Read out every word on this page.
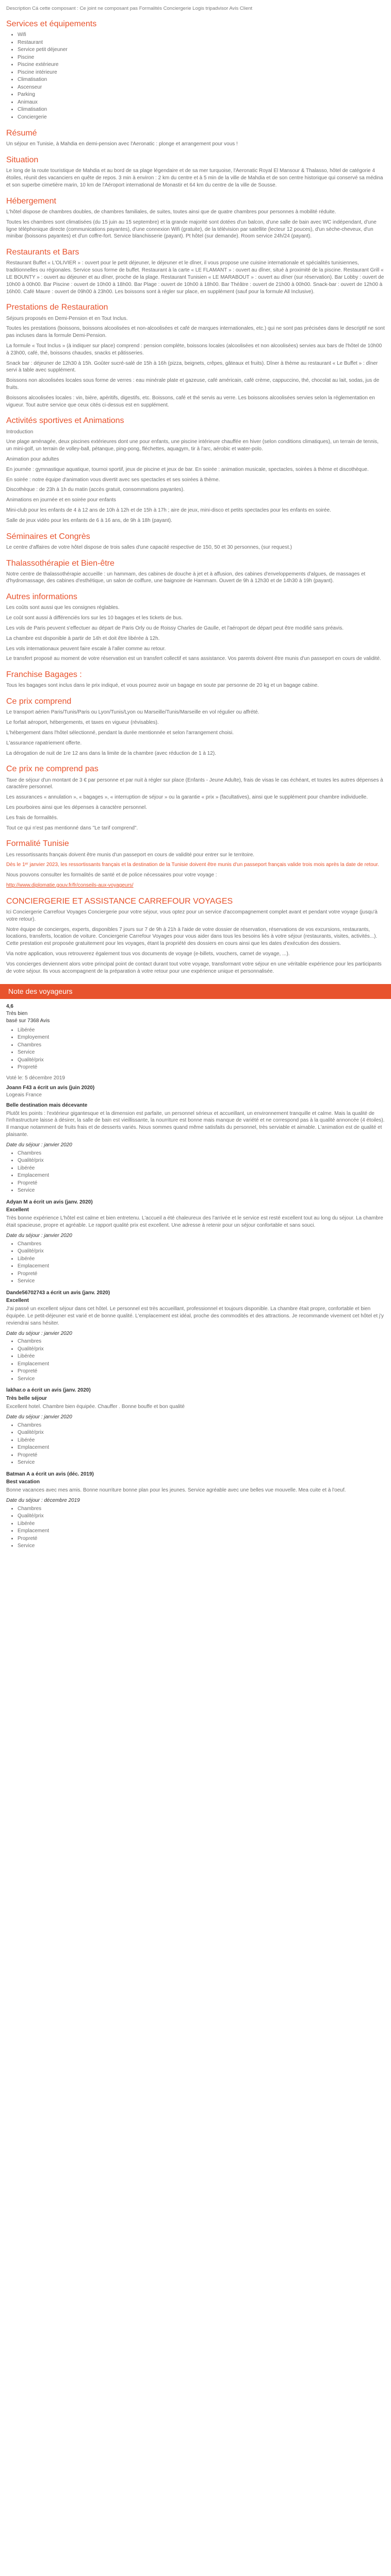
Description Cá cette composant : Ce joint ne composant pas Formalités Conciergerie Logis tripadvisor Avis Client

Services et équipements
• Wifi
• Restaurant
• Service petit déjeuner
• Piscine
• Piscine extérieure
• Piscine intérieure
• Climatisation
• Ascenseur
• Parking
• Animaux
• Climatisation
• Conciergerie
Résumé

Un séjour en Tunisie, à Mahdia en demi-pension avec l'Aeronatic : plonge et arrangement pour vous !

Situation

Le long de la route touristique de Mahdia et au bord de sa plage légendaire et de sa mer turquoise, l'Aeronatic Royal El Mansour & Thalasso, hôtel de catégorie 4 étoiles, réunit des vacanciers en quête de repos. 3 min à environ : 2 km du centre et à 5 min de la ville de Mahdia et de son centre historique qui conservé sa médina et son superbe cimetière marin, 10 km de l'Aéroport international de Monastir et 64 km du centre de la ville de Sousse.

Hébergement

L'hôtel dispose de chambres doubles, de chambres familiales, de suites, toutes ainsi que de quatre chambres pour personnes à mobilité réduite.

Toutes les chambres sont climatisées (du 15 juin au 15 septembre) et la grande majorité sont dotées d'un balcon, d'une salle de bain avec WC indépendant, d'une ligne téléphonique directe (communications payantes), d'une connexion Wifi (gratuite), de la télévision par satellite (lecteur 12 pouces), d'un sèche-cheveux, d'un minibar (boissons payantes) et d'un coffre-fort. Service blanchisserie (payant). Pt hôtel (sur demande). Room service 24h/24 (payant).

Restaurants et Bars

Restaurant Buffet « L'OLIVIER » : ouvert pour le petit déjeuner, le déjeuner et le dîner, il vous propose une cuisine internationale et spécialités tunisiennes, traditionnelles ou régionales. Service sous forme de buffet. Restaurant à la carte « LE FLAMANT » : ouvert au dîner, situé à proximité de la piscine. Restaurant Grill « LE BOUNTY » : ouvert au déjeuner et au dîner, proche de la plage. Restaurant Tunisien « LE MARABOUT » : ouvert au dîner (sur réservation). Bar Lobby : ouvert de 10h00 à 00h00. Bar Piscine : ouvert de 10h00 à 18h00. Bar Plage : ouvert de 10h00 à 18h00. Bar Théâtre : ouvert de 21h00 à 00h00. Snack-bar : ouvert de 12h00 à 16h00. Café Maure : ouvert de 09h00 à 23h00. Les boissons sont à régler sur place, en supplément (sauf pour la formule All Inclusive).

Prestations de Restauration

Séjours proposés en Demi-Pension et en Tout Inclus.

Toutes les prestations (boissons, boissons alcoolisées et non-alcoolisées et café de marques internationales, etc.) qui ne sont pas précisées dans le descriptif ne sont pas incluses dans la formule Demi-Pension.

La formule « Tout Inclus » (à indiquer sur place) comprend : pension complète, boissons locales (alcoolisées et non alcoolisées) servies aux bars de l'hôtel de 10h00 à 23h00, café, thé, boissons chaudes, snacks et pâtisseries.

Snack bar : déjeuner de 12h30 à 15h. Goûter sucré-salé de 15h à 16h (pizza, beignets, crêpes, gâteaux et fruits). Dîner à thème au restaurant « Le Buffet » : dîner servi à table avec supplément.

Boissons non alcoolisées locales sous forme de verres : eau minérale plate et gazeuse, café américain, café crème, cappuccino, thé, chocolat au lait, sodas, jus de fruits.

Boissons alcoolisées locales : vin, bière, apéritifs, digestifs, etc. Boissons, café et thé servis au verre. Les boissons alcoolisées servies selon la réglementation en vigueur. Tout autre service que ceux cités ci-dessus est en supplément.

Activités sportives et Animations

Introduction

Une plage aménagée, deux piscines extérieures dont une pour enfants, une piscine intérieure chauffée en hiver (selon conditions climatiques), un terrain de tennis, un mini-golf, un terrain de volley-ball, pétanque, ping-pong, fléchettes, aquagym, tir à l'arc, aérobic et water-polo.

Animation pour adultes

En journée : gymnastique aquatique, tournoi sportif, jeux de piscine et jeux de bar. En soirée : animation musicale, spectacles, soirées à thème et discothèque.

En soirée : notre équipe d'animation vous divertit avec ses spectacles et ses soirées à thème.

Discothèque : de 23h à 1h du matin (accès gratuit, consommations payantes).

Animations en journée et en soirée pour enfants

Mini-club pour les enfants de 4 à 12 ans de 10h à 12h et de 15h à 17h ; aire de jeux, mini-disco et petits spectacles pour les enfants en soirée.

Salle de jeux vidéo pour les enfants de 6 à 16 ans, de 9h à 18h (payant).

Séminaires et Congrès

Le centre d'affaires de votre hôtel dispose de trois salles d'une capacité respective de 150, 50 et 30 personnes, (sur request.)

Thalassothérapie et Bien-être

Notre centre de thalassothérapie accueille : un hammam, des cabines de douche à jet et à affusion, des cabines d'enveloppements d'algues, de massages et d'hydromassage, des cabines d'esthétique, un salon de coiffure, une baignoire de Hammam. Ouvert de 9h à 12h30 et de 14h30 à 19h (payant).

Autres informations

Les coûts sont aussi que les consignes réglables.

Le coût sont aussi à différenciés lors sur les 10 bagages et les tickets de bus.

Les vols de Paris peuvent s'effectuer au départ de Paris Orly ou de Roissy Charles de Gaulle, et l'aéroport de départ peut être modifié sans préavis.

La chambre est disponible à partir de 14h et doit être libérée à 12h.

Les vols internationaux peuvent faire escale à l'aller comme au retour.

Le transfert proposé au moment de votre réservation est un transfert collectif et sans assistance. Vos parents doivent être munis d'un passeport en cours de validité.

Franchise Bagages :

Tous les bagages sont inclus dans le prix indiqué, et vous pourrez avoir un bagage en soute par personne de 20 kg et un bagage cabine.

Ce prix comprend

Le transport aérien Paris/Tunis/Paris ou Lyon/Tunis/Lyon ou Marseille/Tunis/Marseille en vol régulier ou affrété.

Le forfait aéroport, hébergements, et taxes en vigueur (révisables).

L'hébergement dans l'hôtel sélectionné, pendant la durée mentionnée et selon l'arrangement choisi.

L'assurance rapatriement offerte.

La dérogation de nuit de 1re 12 ans dans la limite de la chambre (avec réduction de 1 à 12).

Ce prix ne comprend pas

Taxe de séjour d'un montant de 3 € par personne et par nuit à régler sur place (Enfants - Jeune Adulte), frais de visas le cas échéant, et toutes les autres dépenses à caractère personnel.

Les assurances « annulation », « bagages », « interruption de séjour » ou la garantie « prix » (facultatives), ainsi que le supplément pour chambre individuelle.

Les pourboires ainsi que les dépenses à caractère personnel.

Les frais de formalités.

Tout ce qui n'est pas mentionné dans "Le tarif comprend".

Formalité Tunisie

Les ressortissants français doivent être munis d'un passeport en cours de validité pour entrer sur le territoire.

Dès le 1ᵉʳ janvier 2023, les ressortissants français et la destination de la Tunisie doivent être munis d'un passeport français valide trois mois après la date de retour.

Nous pouvons consulter les formalités de santé et de police nécessaires pour votre voyage :

http://www.diplomatie.gouv.fr/fr/conseils-aux-voyageurs/

CONCIERGERIE ET ASSISTANCE CARREFOUR VOYAGES

Ici Conciergerie Carrefour Voyages Conciergerie pour votre séjour, vous optez pour un service d'accompagnement complet avant et pendant votre voyage (jusqu'à votre retour).

Notre équipe de concierges, experts, disponibles 7 jours sur 7 de 9h à 21h à l'aide de votre dossier de réservation, réservations de vos excursions, restaurants, locations, transferts, location de voiture. Conciergerie Carrefour Voyages pour vous aider dans tous les besoins liés à votre séjour (restaurants, visites, activités...). Cette prestation est proposée gratuitement pour les voyages, étant la propriété des dossiers en cours ainsi que les dates d'exécution des dossiers.

Via notre application, vous retrouverez également tous vos documents de voyage (e-billets, vouchers, carnet de voyage, ...).

Vos concierges deviennent alors votre principal point de contact durant tout votre voyage, transformant votre séjour en une véritable expérience pour les participants de votre séjour. Ils vous accompagnent de la préparation à votre retour pour une expérience unique et personnalisée.

Note des voyageurs
4,6
Très bien
basé sur 7368 Avis
• Libérée
• Employement
• Chambres
• Service
• Qualité/prix
• Propreté

Voté le: 5 décembre 2019

Joann F43 a écrit un avis (juin 2020)

Logeais France

Belle destination mais décevante

Plutôt les points : l'extérieur gigantesque et la dimension est parfaite, un personnel sérieux et accueillant, un environnement tranquille et calme. Mais la qualité de l'infrastructure laisse à désirer, la salle de bain est vieillissante, la nourriture est bonne mais manque de variété et ne correspond pas à la qualité annoncée (4 étoiles). Il manque notamment de fruits frais et de desserts variés. Nous sommes quand même satisfaits du personnel, très serviable et aimable. L'animation est de qualité et plaisante.

Date du séjour : janvier 2020
• Chambres
• Qualité/prix
• Libérée
• Emplacement
• Propreté
• Service
Adyan M a écrit un avis (janv. 2020)
Excellent

Très bonne expérience L'hôtel est calme et bien entretenu. L'accueil a été chaleureux des l'arrivée et le service est resté excellent tout au long du séjour. La chambre était spacieuse, propre et agréable. Le rapport qualité prix est excellent. Une adresse à retenir pour un séjour confortable et sans souci.

Date du séjour : janvier 2020
• Chambres
• Qualité/prix
• Libérée
• Emplacement
• Propreté
• Service
Dande56702743 a écrit un avis (janv. 2020)
Excellent

J'ai passé un excellent séjour dans cet hôtel. Le personnel est très accueillant, professionnel et toujours disponible. La chambre était propre, confortable et bien équipée. Le petit-déjeuner est varié et de bonne qualité. L'emplacement est idéal, proche des commodités et des attractions. Je recommande vivement cet hôtel et j'y reviendrai sans hésiter.

Date du séjour : janvier 2020
• Chambres
• Qualité/prix
• Libérée
• Emplacement
• Propreté
• Service
lakhar.o a écrit un avis (janv. 2020)
Très belle séjour

Excellent hotel. Chambre bien équipée. Chauffer . Bonne bouffe et bon qualité

Date du séjour : janvier 2020
• Chambres
• Qualité/prix
• Libérée
• Emplacement
• Propreté
• Service
Batman A a écrit un avis (déc. 2019)
Best vacation

Bonne vacances avec mes amis. Bonne nourriture bonne plan pour les jeunes. Service agréable avec une belles vue mouvelle. Mea cuite et à l'oeuf.

Date du séjour : décembre 2019
• Chambres
• Qualité/prix
• Libérée
• Emplacement
• Propreté
• Service
